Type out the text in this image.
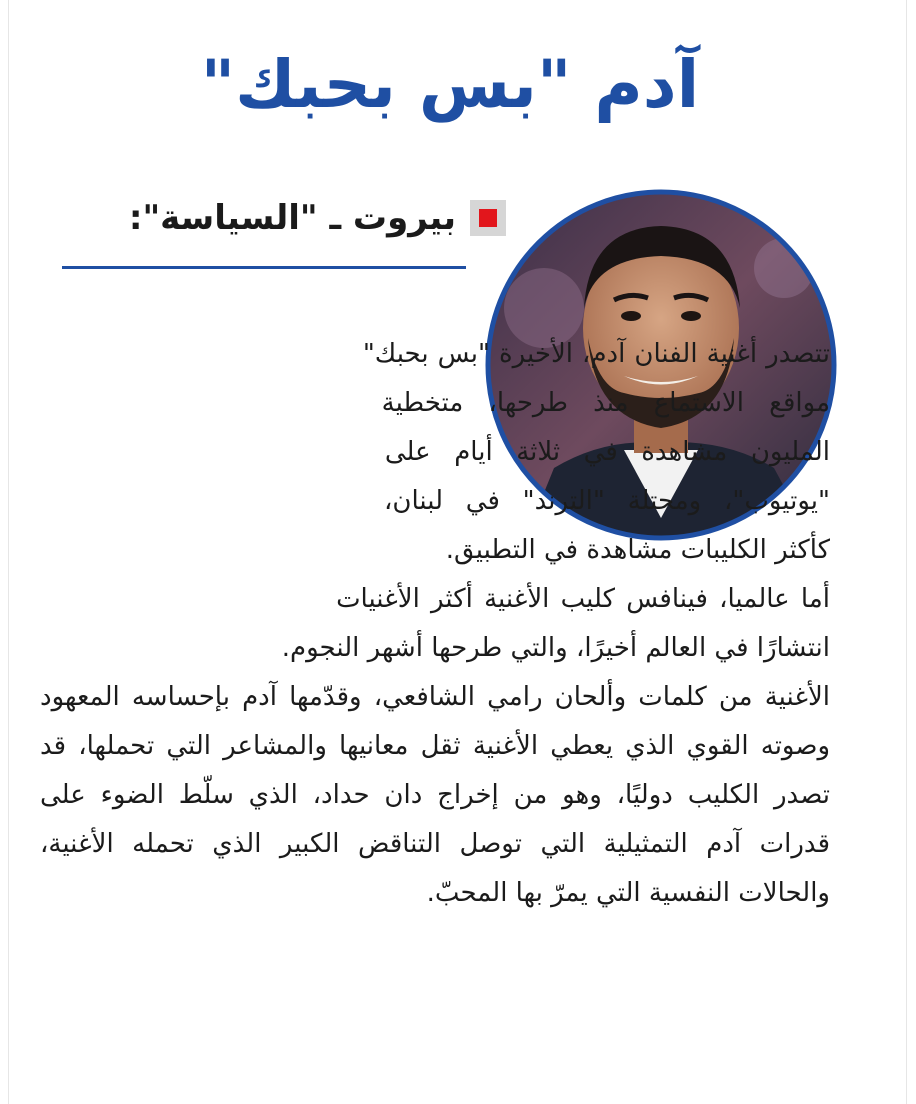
آدم "بس بحبك"
بيروت ـ "السياسة":

تتصدر أغنية الفنان آدم، الأخيرة "بس بحبك" مواقع الاستماع منذ طرحها، متخطية المليون مشاهدة في ثلاثة أيام على "يوتيوب"، ومحتلة "الترند" في لبنان، كأكثر الكليبات مشاهدة في التطبيق.

أما عالميا، فينافس كليب الأغنية أكثر الأغنيات انتشارًا في العالم أخيرًا، والتي طرحها أشهر النجوم.

الأغنية من كلمات وألحان رامي الشافعي، وقدّمها آدم بإحساسه المعهود وصوته القوي الذي يعطي الأغنية ثقل معانيها والمشاعر التي تحملها، قد تصدر الكليب دوليًا، وهو من إخراج دان حداد، الذي سلّط الضوء على قدرات آدم التمثيلية التي توصل التناقض الكبير الذي تحمله الأغنية، والحالات النفسية التي يمرّ بها المحبّ.
